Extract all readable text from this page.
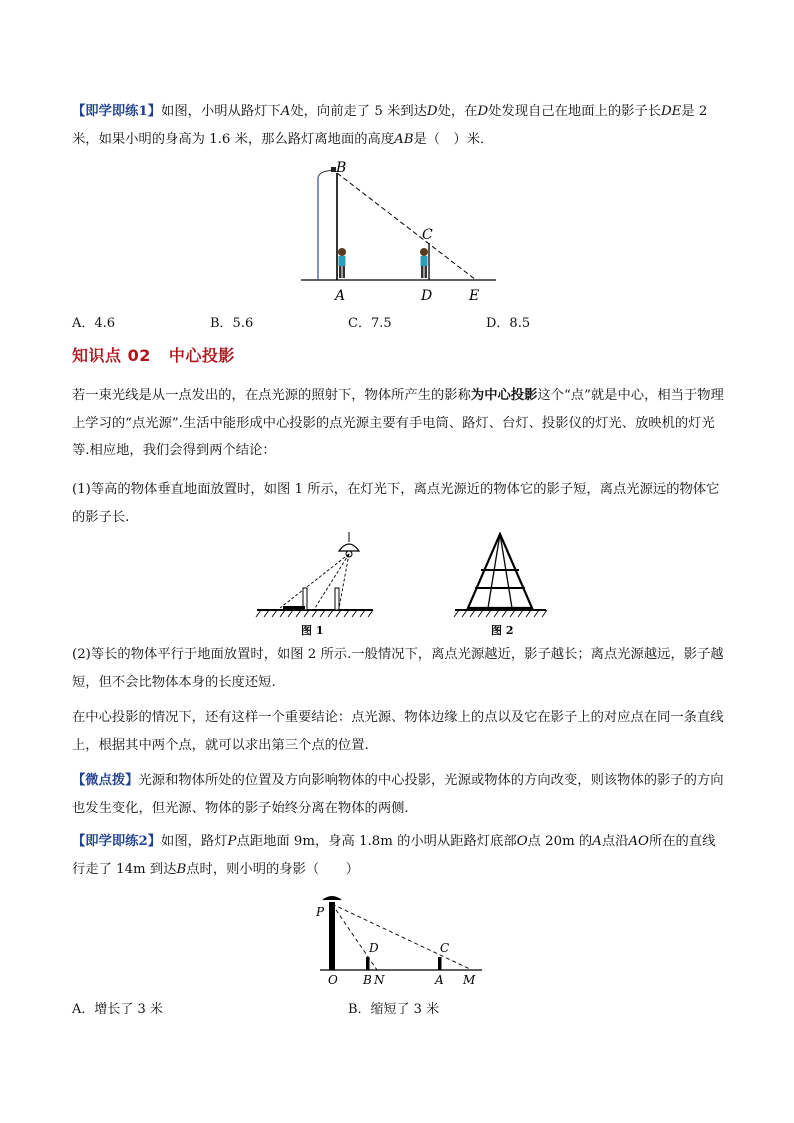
【即学即练1】如图，小明从路灯下A处，向前走了 5 米到达D处，在D处发现自己在地面上的影子长DE是 2 米，如果小明的身高为 1.6 米，那么路灯离地面的高度AB是（　）米．
B
C
A	D	E
A．4.6	B．5.6	C．7.5	D．8.5
知识点 02 中心投影
若一束光线是从一点发出的，在点光源的照射下，物体所产生的影称为中心投影这个“点”就是中心，相当于物理上学习的“点光源”.生活中能形成中心投影的点光源主要有手电筒、路灯、台灯、投影仪的灯光、放映机的灯光等.相应地，我们会得到两个结论：
(1)等高的物体垂直地面放置时，如图 1 所示，在灯光下，离点光源近的物体它的影子短，离点光源远的物体它的影子长.
图 1	图 2
(2)等长的物体平行于地面放置时，如图 2 所示.一般情况下，离点光源越近，影子越长；离点光源越远，影子越短，但不会比物体本身的长度还短.
在中心投影的情况下，还有这样一个重要结论：点光源、物体边缘上的点以及它在影子上的对应点在同一条直线上，根据其中两个点，就可以求出第三个点的位置.
【微点拨】光源和物体所处的位置及方向影响物体的中心投影，光源或物体的方向改变，则该物体的影子的方向也发生变化，但光源、物体的影子始终分离在物体的两侧.
【即学即练2】如图，路灯P点距地面 9m，身高 1.8m 的小明从距路灯底部O点 20m 的A点沿AO所在的直线行走了 14m 到达B点时，则小明的身影（　　）
P
D	C
O B N	A M
A．增长了 3 米	B．缩短了 3 米
